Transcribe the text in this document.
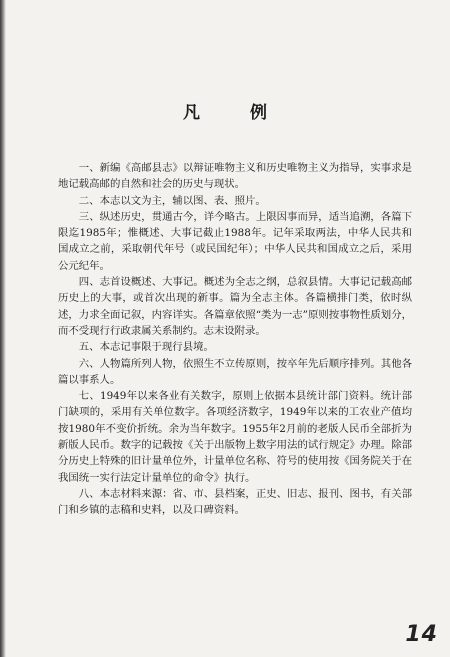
凡 例

一、新编《高邮县志》以辩证唯物主义和历史唯物主义为指导，实事求是地记载高邮的自然和社会的历史与现状。

二、本志以文为主，辅以图、表、照片。

三、纵述历史，贯通古今，详今略古。上限因事而异，适当追溯，各篇下限迄1985年；惟概述、大事记截止1988年。记年采取两法，中华人民共和国成立之前，采取朝代年号（或民国纪年）；中华人民共和国成立之后，采用公元纪年。

四、志首设概述、大事记。概述为全志之纲，总叙县情。大事记记载高邮历史上的大事，或首次出现的新事。篇为全志主体。各篇横排门类，依时纵述，力求全面记叙，内容详实。各篇章依照“类为一志”原则按事物性质划分，而不受现行行政隶属关系制约。志末设附录。

五、本志记事限于现行县境。

六、人物篇所列人物，依照生不立传原则，按卒年先后顺序排列。其他各篇以事系人。

七、1949年以来各业有关数字，原则上依据本县统计部门资料。统计部门缺项的，采用有关单位数字。各项经济数字，1949年以来的工农业产值均按1980年不变价折统。余为当年数字。1955年2月前的老版人民币全部折为新版人民币。数字的记载按《关于出版物上数字用法的试行规定》办理。除部分历史上特殊的旧计量单位外，计量单位名称、符号的使用按《国务院关于在我国统一实行法定计量单位的命令》执行。

八、本志材料来源：省、市、县档案，正史、旧志、报刊、图书，有关部门和乡镇的志稿和史料，以及口碑资料。

14
